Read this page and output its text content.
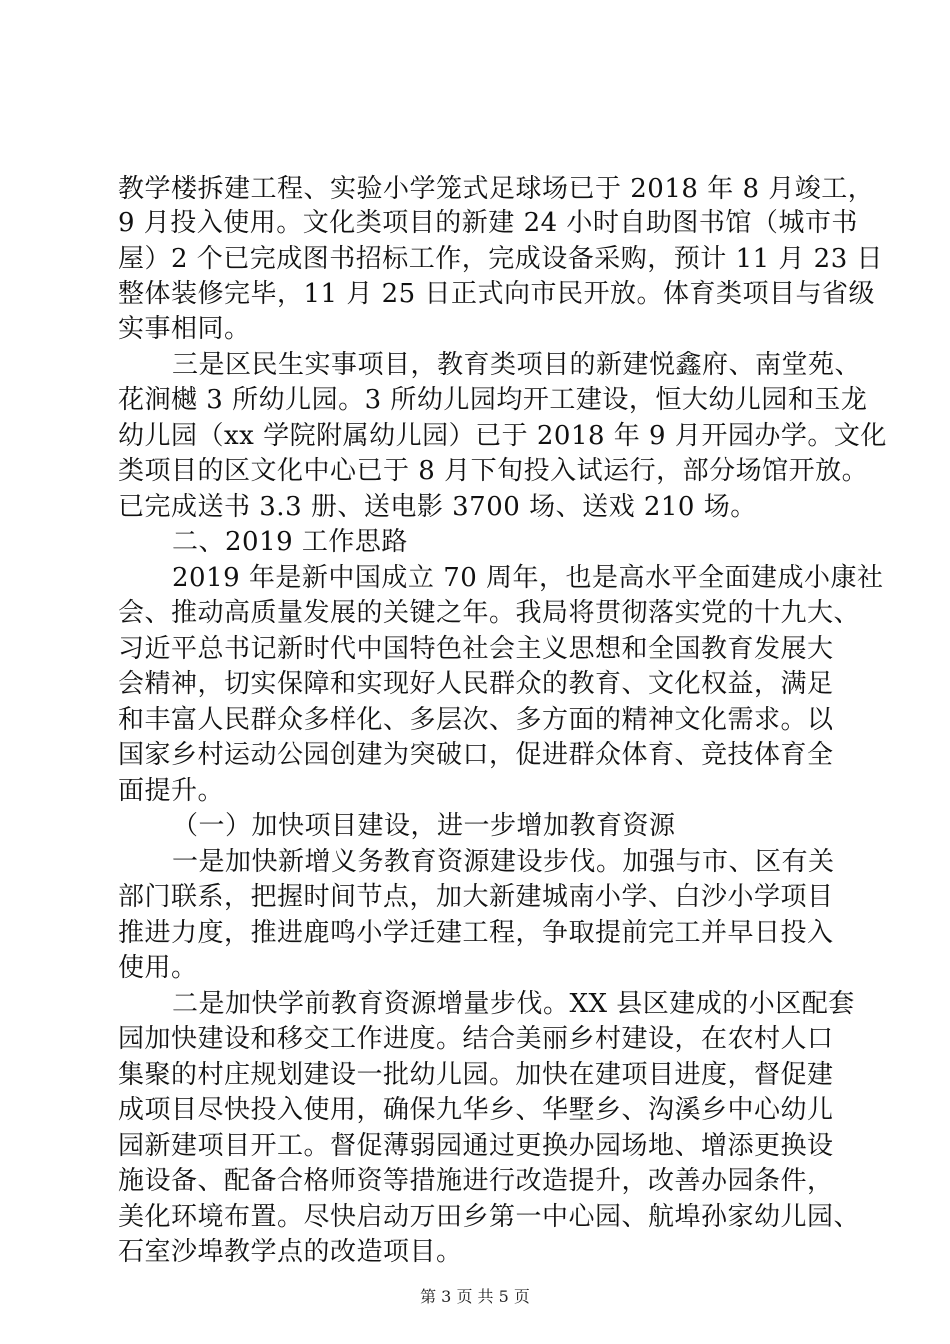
教学楼拆建工程、实验小学笼式足球场已于 2018 年 8 月竣工，
9 月投入使用。文化类项目的新建 24 小时自助图书馆（城市书
屋）2 个已完成图书招标工作，完成设备采购，预计 11 月 23 日
整体装修完毕，11 月 25 日正式向市民开放。体育类项目与省级
实事相同。
三是区民生实事项目，教育类项目的新建悦鑫府、南堂苑、
花涧樾 3 所幼儿园。3 所幼儿园均开工建设，恒大幼儿园和玉龙
幼儿园（xx 学院附属幼儿园）已于 2018 年 9 月开园办学。文化
类项目的区文化中心已于 8 月下旬投入试运行，部分场馆开放。
已完成送书 3.3 册、送电影 3700 场、送戏 210 场。
二、2019 工作思路
2019 年是新中国成立 70 周年，也是高水平全面建成小康社
会、推动高质量发展的关键之年。我局将贯彻落实党的十九大、
习近平总书记新时代中国特色社会主义思想和全国教育发展大
会精神，切实保障和实现好人民群众的教育、文化权益，满足
和丰富人民群众多样化、多层次、多方面的精神文化需求。以
国家乡村运动公园创建为突破口，促进群众体育、竞技体育全
面提升。
（一）加快项目建设，进一步增加教育资源
一是加快新增义务教育资源建设步伐。加强与市、区有关
部门联系，把握时间节点，加大新建城南小学、白沙小学项目
推进力度，推进鹿鸣小学迁建工程，争取提前完工并早日投入
使用。
二是加快学前教育资源增量步伐。XX 县区建成的小区配套
园加快建设和移交工作进度。结合美丽乡村建设，在农村人口
集聚的村庄规划建设一批幼儿园。加快在建项目进度，督促建
成项目尽快投入使用，确保九华乡、华墅乡、沟溪乡中心幼儿
园新建项目开工。督促薄弱园通过更换办园场地、增添更换设
施设备、配备合格师资等措施进行改造提升，改善办园条件，
美化环境布置。尽快启动万田乡第一中心园、航埠孙家幼儿园、
石室沙埠教学点的改造项目。
第 3 页 共 5 页
